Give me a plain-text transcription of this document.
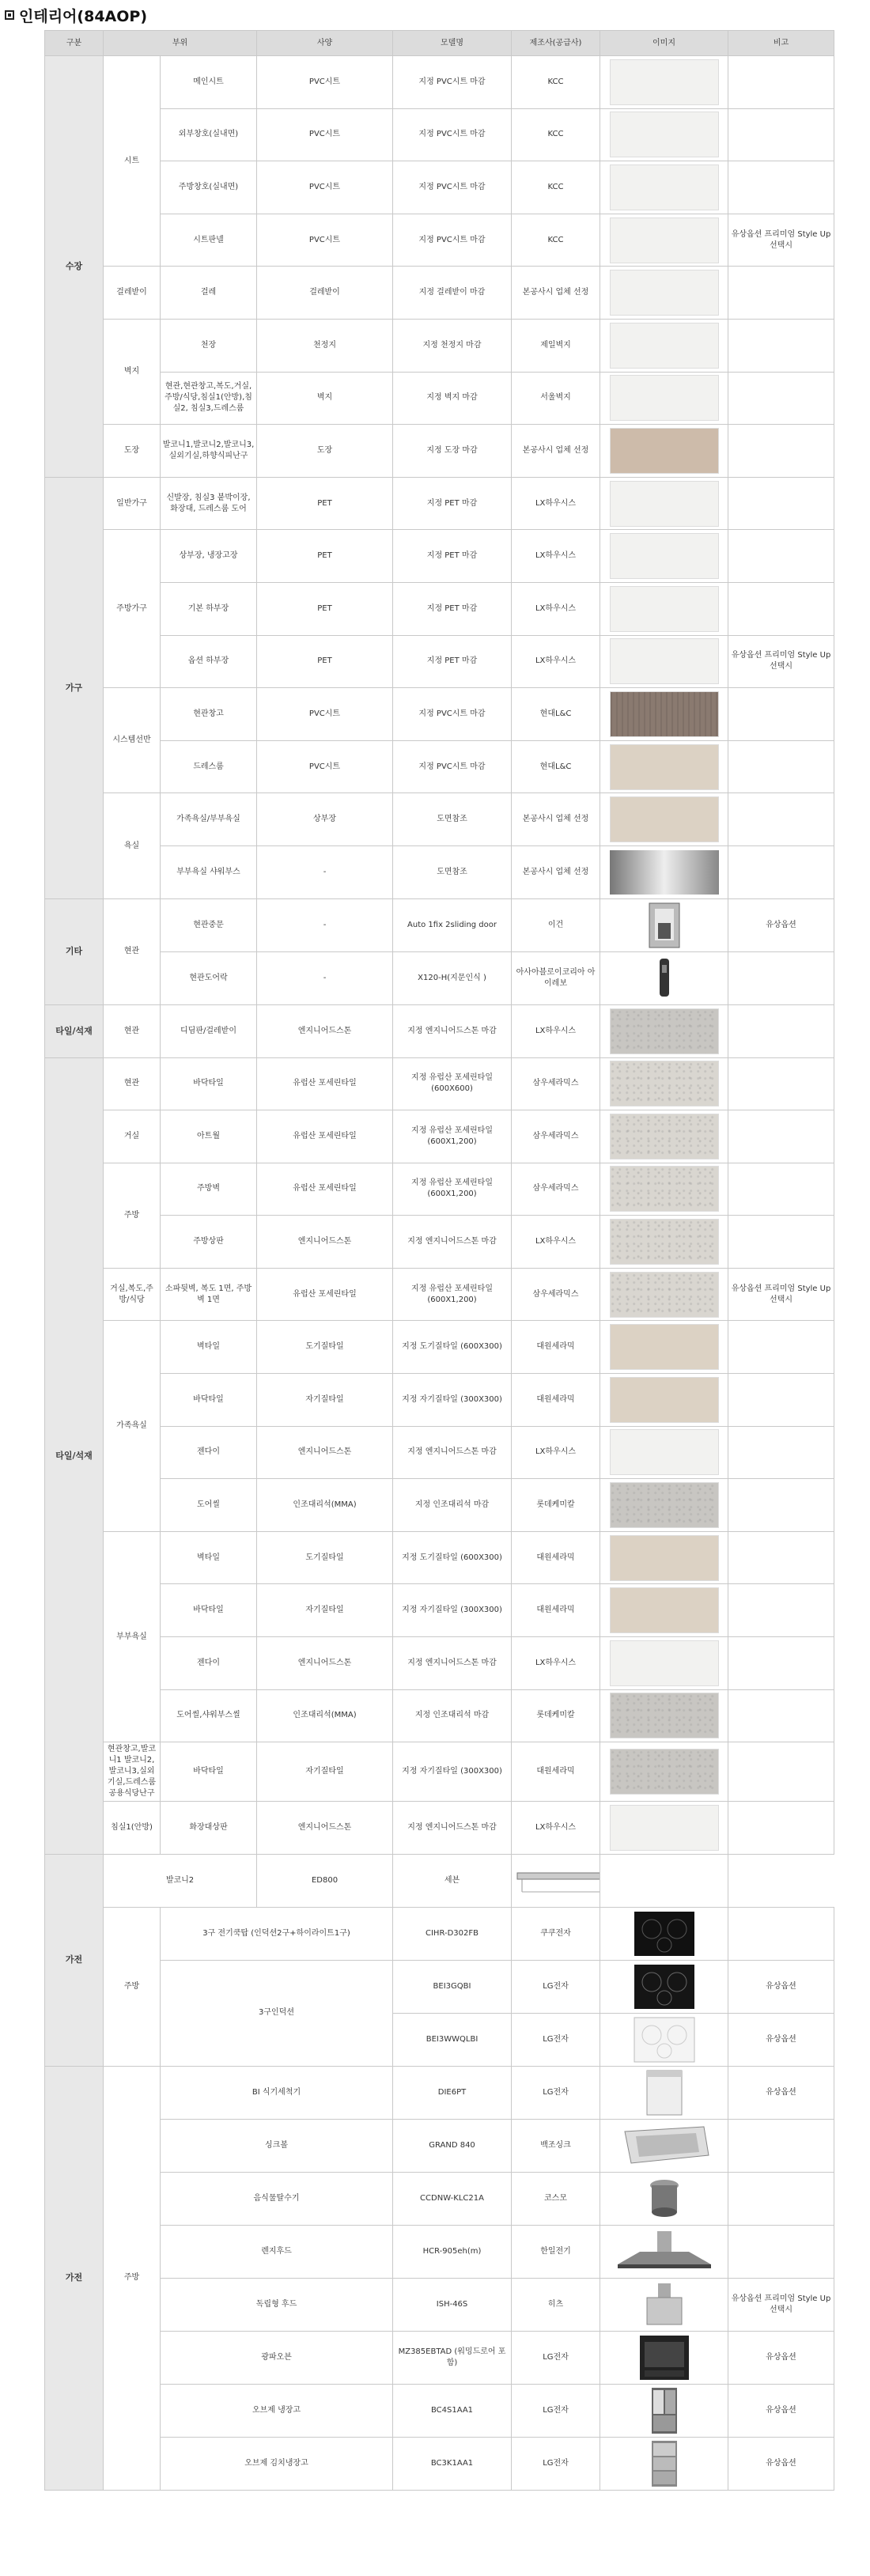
인테리어(84AOP)
구분	부위		사양	모델명	제조사(공급사)	이미지	비고
수장	시트	메인시트	PVC시트	지정 PVC시트 마감	KCC	

		외부창호(실내면)	PVC시트	지정 PVC시트 마감	KCC	

		주방창호(실내면)	PVC시트	지정 PVC시트 마감	KCC	

		시트판넬	PVC시트	지정 PVC시트 마감	KCC		유상옵션 프리미엄 Style Up 선택시
	걸레받이	걸레	걸레받이	지정 걸레받이 마감	본공사시 업체 선정	

	벽지	천장	천정지	지정 천정지 마감	제일벽지	

		현관,현관창고,복도,거실,주방/식당,침실1(안방),침실2, 침실3,드레스룸	벽지	지정 벽지 마감	서울벽지	

	도장	발코니1,발코니2,발코니3,실외기실,하향식피난구	도장	지정 도장 마감	본공사시 업체 선정	

가구	일반가구	신발장, 침실3 붙박이장, 화장대, 드레스룸 도어	PET	지정 PET 마감	LX하우시스	

	주방가구	상부장, 냉장고장	PET	지정 PET 마감	LX하우시스	

		기본 하부장	PET	지정 PET 마감	LX하우시스	

		옵션 하부장	PET	지정 PET 마감	LX하우시스		유상옵션 프리미엄 Style Up 선택시
	시스템선반	현관창고	PVC시트	지정 PVC시트 마감	현대L&C	

		드레스룸	PVC시트	지정 PVC시트 마감	현대L&C	

	욕실	가족욕실/부부욕실	상부장	도면참조	본공사시 업체 선정	

		부부욕실 샤워부스	-	도면참조	본공사시 업체 선정	

기타	현관	현관중문	-	Auto 1fix 2sliding door	이건		유상옵션
		현관도어락	-	X120-H(지문인식 )	아사아블로이코리아 아이레보	

타일/석재	현관	디딤판/걸레받이	엔지니어드스톤	지정 엔지니어드스톤 마감	LX하우시스	

타일/석재	현관	바닥타일	유럽산 포세린타일	지정 유럽산 포세린타일 (600X600)	삼우세라믹스	

	거실	아트월	유럽산 포세린타일	지정 유럽산 포세린타일 (600X1,200)	삼우세라믹스	

	주방	주방벽	유럽산 포세린타일	지정 유럽산 포세린타일 (600X1,200)	삼우세라믹스	

		주방상판	엔지니어드스톤	지정 엔지니어드스톤 마감	LX하우시스	

	거실,복도,주방/식당	소파뒷벽, 복도 1면, 주방 벽 1면	유럽산 포세린타일	지정 유럽산 포세린타일 (600X1,200)	삼우세라믹스		유상옵션 프리미엄 Style Up 선택시
	가족욕실	벽타일	도기질타일	지정 도기질타일 (600X300)	대원세라믹	

		바닥타일	자기질타일	지정 자기질타일 (300X300)	대원세라믹	

		젠다이	엔지니어드스톤	지정 엔지니어드스톤 마감	LX하우시스	

		도어씰	인조대리석(MMA)	지정 인조대리석 마감	롯데케미칼	

	부부욕실	벽타일	도기질타일	지정 도기질타일 (600X300)	대원세라믹	

		바닥타일	자기질타일	지정 자기질타일 (300X300)	대원세라믹	

		젠다이	엔지니어드스톤	지정 엔지니어드스톤 마감	LX하우시스	

		도어씰,샤워부스씰	인조대리석(MMA)	지정 인조대리석 마감	롯데케미칼	

	현관창고,발코니1 발코니2,발코니3,실외기실,드레스룸 공용식당난구	바닥타일	자기질타일	지정 자기질타일 (300X300)	대원세라믹	

	침실1(안방)	화장대상판	엔지니어드스톤	지정 엔지니어드스톤 마감	LX하우시스	

가전	발코니2		ED800	세븐	

	주방	3구 전기쿡탑 (인덕션2구+하이라이트1구)		CIHR-D302FB	쿠쿠전자	

		3구인덕션		BEI3GQBI	LG전자		유상옵션
				BEI3WWQLBI	LG전자		유상옵션
가전	주방	BI 식기세척기		DIE6PT	LG전자		유상옵션
		싱크볼		GRAND 840	백조싱크	

		음식물탈수기		CCDNW-KLC21A	코스모	

		렌지후드		HCR-905eh(m)	한일전기	

		독립형 후드		ISH-46S	히츠		유상옵션 프리미엄 Style Up 선택시
		광파오븐		MZ385EBTAD (워밍드로어 포함)	LG전자		유상옵션
		오브제 냉장고		BC4S1AA1	LG전자		유상옵션
		오브제 김치냉장고		BC3K1AA1	LG전자		유상옵션
